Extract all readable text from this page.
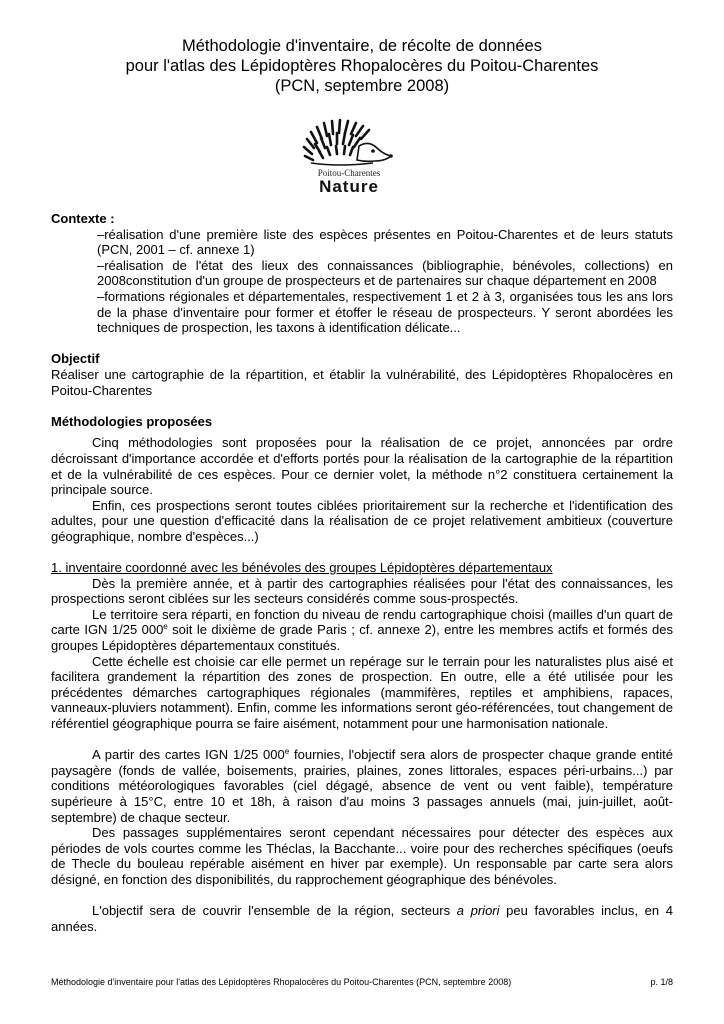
Méthodologie d'inventaire, de récolte de données
pour l'atlas des Lépidoptères Rhopalocères du Poitou-Charentes
(PCN, septembre 2008)
Poitou-Charentes
Nature

Contexte :

–réalisation d'une première liste des espèces présentes en Poitou-Charentes et de leurs statuts (PCN, 2001 – cf. annexe 1)

–réalisation de l'état des lieux des connaissances (bibliographie, bénévoles, collections) en 2008constitution d'un groupe de prospecteurs et de partenaires sur chaque département en 2008

–formations régionales et départementales, respectivement 1 et 2 à 3, organisées tous les ans lors de la phase d'inventaire pour former et étoffer le réseau de prospecteurs. Y seront abordées les techniques de prospection, les taxons à identification délicate...

Objectif

Réaliser une cartographie de la répartition, et établir la vulnérabilité, des Lépidoptères Rhopalocères en Poitou-Charentes

Méthodologies proposées

Cinq méthodologies sont proposées pour la réalisation de ce projet, annoncées par ordre décroissant d'importance accordée et d'efforts portés pour la réalisation de la cartographie de la répartition et de la vulnérabilité de ces espèces. Pour ce dernier volet, la méthode n°2 constituera certainement la principale source.

Enfin, ces prospections seront toutes ciblées prioritairement sur la recherche et l'identification des adultes, pour une question d'efficacité dans la réalisation de ce projet relativement ambitieux (couverture géographique, nombre d'espèces...)

1. inventaire coordonné avec les bénévoles des groupes Lépidoptères départementaux

Dès la première année, et à partir des cartographies réalisées pour l'état des connaissances, les prospections seront ciblées sur les secteurs considérés comme sous-prospectés.

Le territoire sera réparti, en fonction du niveau de rendu cartographique choisi (mailles d'un quart de carte IGN 1/25 000e soit le dixième de grade Paris ; cf. annexe 2), entre les membres actifs et formés des groupes Lépidoptères départementaux constitués.

Cette échelle est choisie car elle permet un repérage sur le terrain pour les naturalistes plus aisé et facilitera grandement la répartition des zones de prospection. En outre, elle a été utilisée pour les précédentes démarches cartographiques régionales (mammifères, reptiles et amphibiens, rapaces, vanneaux-pluviers notamment). Enfin, comme les informations seront géo-référencées, tout changement de référentiel géographique pourra se faire aisément, notamment pour une harmonisation nationale.

A partir des cartes IGN 1/25 000e fournies, l'objectif sera alors de prospecter chaque grande entité paysagère (fonds de vallée, boisements, prairies, plaines, zones littorales, espaces péri-urbains...) par conditions météorologiques favorables (ciel dégagé, absence de vent ou vent faible), température supérieure à 15°C, entre 10 et 18h, à raison d'au moins 3 passages annuels (mai, juin-juillet, août-septembre) de chaque secteur.

Des passages supplémentaires seront cependant nécessaires pour détecter des espèces aux périodes de vols courtes comme les Théclas, la Bacchante... voire pour des recherches spécifiques (oeufs de Thecle du bouleau repérable aisément en hiver par exemple). Un responsable par carte sera alors désigné, en fonction des disponibilités, du rapprochement géographique des bénévoles.

L'objectif sera de couvrir l'ensemble de la région, secteurs a priori peu favorables inclus, en 4 années.

Méthodologie d'inventaire pour l'atlas des Lépidoptères Rhopalocères du Poitou-Charentes (PCN, septembre 2008)	p. 1/8
